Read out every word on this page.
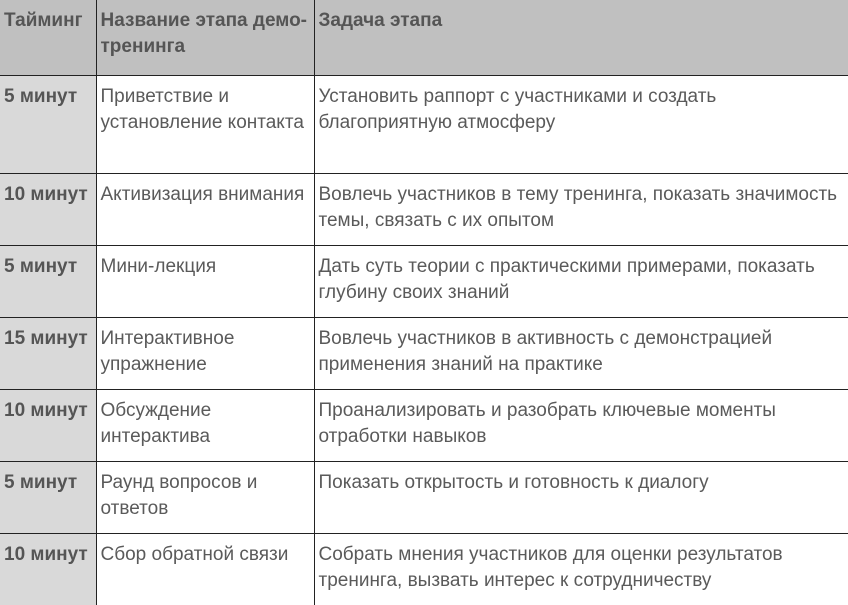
Тайминг	Название этапа демо-тренинга	Задача этапа
5 минут	Приветствие и установление контакта	Установить раппорт с участниками и создать благоприятную атмосферу
10 минут	Активизация внимания	Вовлечь участников в тему тренинга, показать значимость темы, связать с их опытом
5 минут	Мини-лекция	Дать суть теории с практическими примерами, показать глубину своих знаний
15 минут	Интерактивное упражнение	Вовлечь участников в активность с демонстрацией применения знаний на практике
10 минут	Обсуждение интерактива	Проанализировать и разобрать ключевые моменты отработки навыков
5 минут	Раунд вопросов и ответов	Показать открытость и готовность к диалогу
10 минут	Сбор обратной связи	Собрать мнения участников для оценки результатов тренинга, вызвать интерес к сотрудничеству
